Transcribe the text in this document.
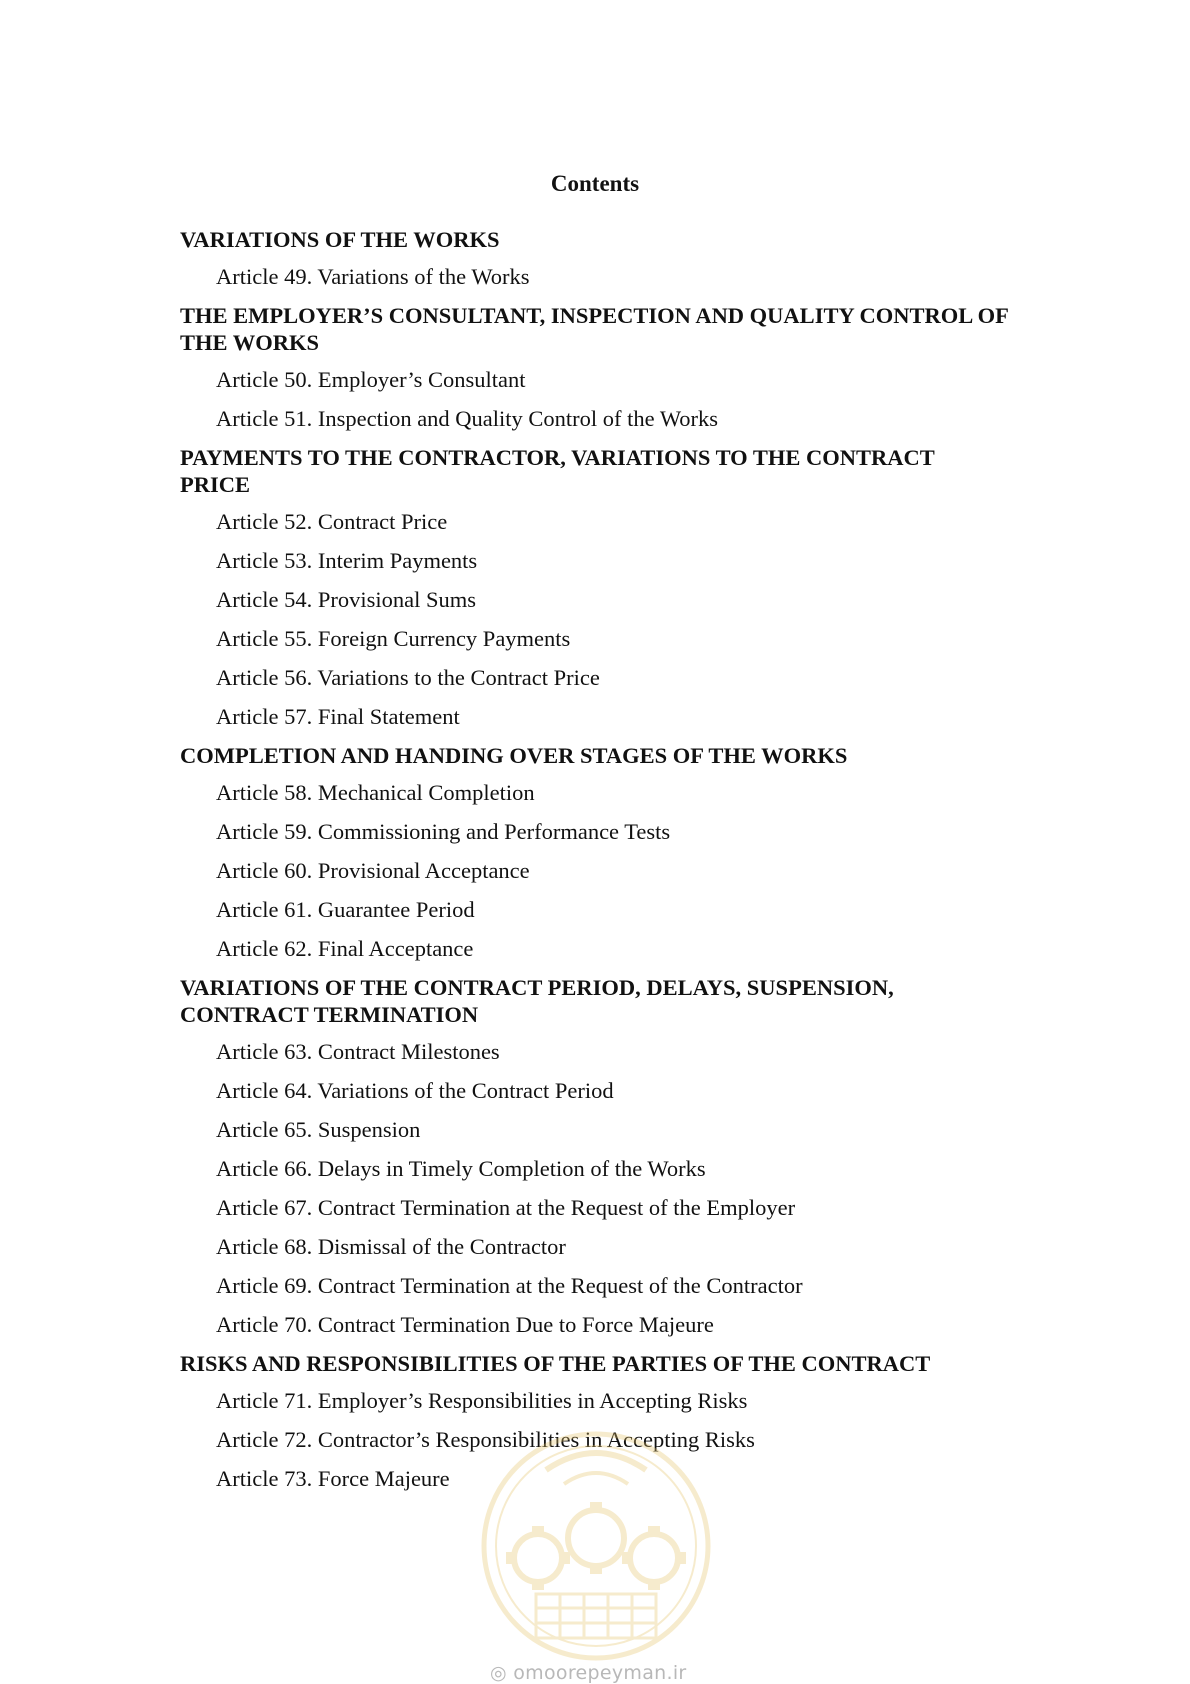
Contents
VARIATIONS OF THE WORKS
Article 49. Variations of the Works
THE EMPLOYER’S CONSULTANT, INSPECTION AND QUALITY CONTROL OF THE WORKS
Article 50. Employer’s Consultant
Article 51. Inspection and Quality Control of the Works
PAYMENTS TO THE CONTRACTOR, VARIATIONS TO THE CONTRACT PRICE
Article 52. Contract Price
Article 53. Interim Payments
Article 54. Provisional Sums
Article 55. Foreign Currency Payments
Article 56. Variations to the Contract Price
Article 57. Final Statement
COMPLETION AND HANDING OVER STAGES OF THE WORKS
Article 58. Mechanical Completion
Article 59. Commissioning and Performance Tests
Article 60. Provisional Acceptance
Article 61. Guarantee Period
Article 62. Final Acceptance
VARIATIONS OF THE CONTRACT PERIOD, DELAYS, SUSPENSION, CONTRACT TERMINATION
Article 63. Contract Milestones
Article 64. Variations of the Contract Period
Article 65. Suspension
Article 66. Delays in Timely Completion of the Works
Article 67. Contract Termination at the Request of the Employer
Article 68. Dismissal of the Contractor
Article 69. Contract Termination at the Request of the Contractor
Article 70. Contract Termination Due to Force Majeure
RISKS AND RESPONSIBILITIES OF THE PARTIES OF THE CONTRACT
Article 71. Employer’s Responsibilities in Accepting Risks
Article 72. Contractor’s Responsibilities in Accepting Risks
Article 73. Force Majeure
◎ omoorepeyman.ir
